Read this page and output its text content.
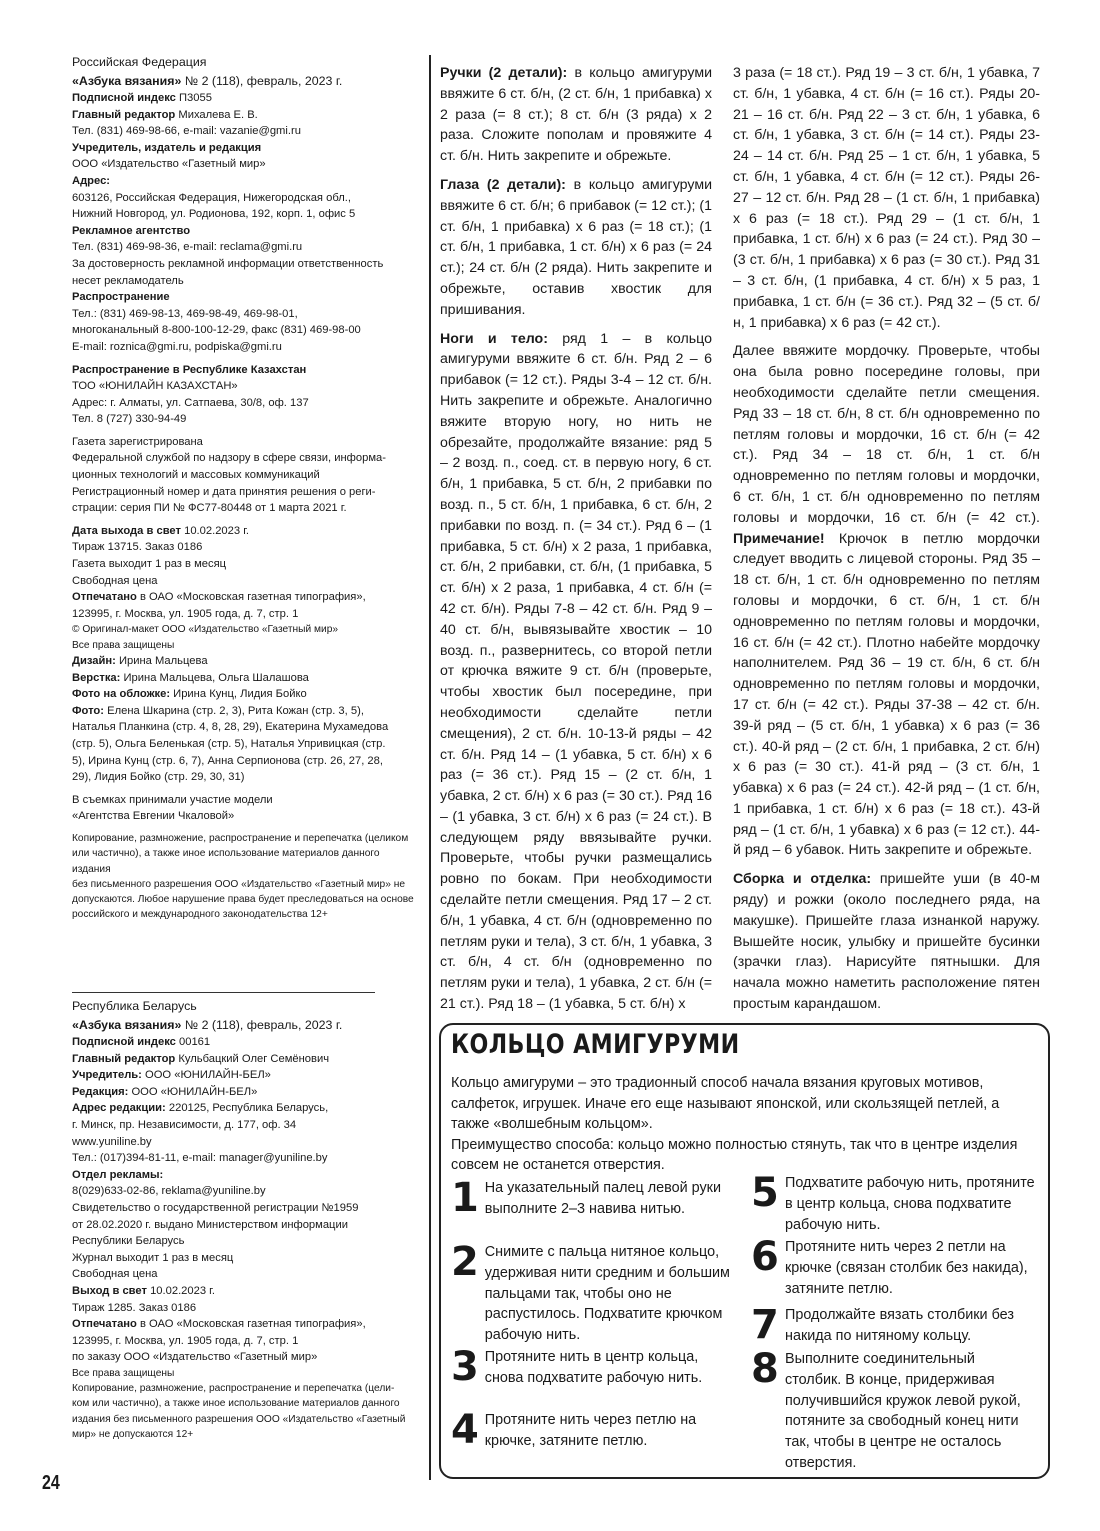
Российская Федерация

«Азбука вязания» № 2 (118), февраль, 2023 г.

Подписной индекс П3055

Главный редактор Михалева Е. В.

Тел. (831) 469-98-66, e-mail: vazanie@gmi.ru

Учредитель, издатель и редакция

ООО «Издательство «Газетный мир»

Адрес:

603126, Российская Федерация, Нижегородская обл.,

Нижний Новгород, ул. Родионова, 192, корп. 1, офис 5

Рекламное агентство

Тел. (831) 469-98-36, e-mail: reclama@gmi.ru

За достоверность рекламной информации ответственность

несет рекламодатель

Распространение

Тел.: (831) 469-98-13, 469-98-49, 469-98-01,

многоканальный 8-800-100-12-29, факс (831) 469-98-00

E-mail: roznica@gmi.ru, podpiska@gmi.ru

Распространение в Республике Казахстан

ТОО «ЮНИЛАЙН КАЗАХСТАН»

Адрес: г. Алматы, ул. Сатпаева, 30/8, оф. 137

Тел. 8 (727) 330-94-49

Газета зарегистрирована

Федеральной службой по надзору в сфере связи, информа-

ционных технологий и массовых коммуникаций

Регистрационный номер и дата принятия решения о реги-

страции: серия ПИ № ФС77-80448 от 1 марта 2021 г.

Дата выхода в свет 10.02.2023 г.

Тираж 13715. Заказ 0186

Газета выходит 1 раз в месяц

Свободная цена

Отпечатано в ОАО «Московская газетная типография»,

123995, г. Москва, ул. 1905 года, д. 7, стр. 1

© Оригинал-макет ООО «Издательство «Газетный мир»

Все права защищены

Дизайн: Ирина Мальцева

Верстка: Ирина Мальцева, Ольга Шалашова

Фото на обложке: Ирина Кунц, Лидия Бойко

Фото: Елена Шкарина (стр. 2, 3), Рита Кожан (стр. 3, 5),

Наталья Планкина (стр. 4, 8, 28, 29), Екатерина Мухамедова

(стр. 5), Ольга Беленькая (стр. 5), Наталья Упривицкая (стр.

5), Ирина Кунц (стр. 6, 7), Анна Серпионова (стр. 26, 27, 28,

29), Лидия Бойко (стр. 29, 30, 31)

В съемках принимали участие модели

«Агентства Евгении Чкаловой»

Копирование, размножение, распространение и перепечатка (целиком

или частично), а также иное использование материалов данного издания

без письменного разрешения ООО «Издательство «Газетный мир» не

допускаются. Любое нарушение права будет преследоваться на основе

российского и международного законодательства 12+

Республика Беларусь

«Азбука вязания» № 2 (118), февраль, 2023 г.

Подписной индекс 00161

Главный редактор Кульбацкий Олег Семёнович

Учредитель: ООО «ЮНИЛАЙН-БЕЛ»

Редакция: ООО «ЮНИЛАЙН-БЕЛ»

Адрес редакции: 220125, Республика Беларусь,

г. Минск, пр. Независимости, д. 177, оф. 34

www.yuniline.by

Тел.: (017)394-81-11, e-mail: manager@yuniline.by

Отдел рекламы:

8(029)633-02-86, reklama@yuniline.by

Свидетельство о государственной регистрации №1959

от 28.02.2020 г. выдано Министерством информации

Республики Беларусь

Журнал выходит 1 раз в месяц

Свободная цена

Выход в свет 10.02.2023 г.

Тираж 1285. Заказ 0186

Отпечатано в ОАО «Московская газетная типография»,

123995, г. Москва, ул. 1905 года, д. 7, стр. 1

по заказу ООО «Издательство «Газетный мир»

Все права защищены

Копирование, размножение, распространение и перепечатка (цели-

ком или частично), а также иное использование материалов данного

издания без письменного разрешения ООО «Издательство «Газетный

мир» не допускаются 12+

Ручки (2 детали): в кольцо амигуруми ввяжите 6 ст. б/н, (2 ст. б/н, 1 прибавка) х 2 раза (= 8 ст.); 8 ст. б/н (3 ряда) х 2 раза. Сложите пополам и провяжите 4 ст. б/н. Нить закрепите и обрежьте.

Глаза (2 детали): в кольцо амигуруми ввяжите 6 ст. б/н; 6 прибавок (= 12 ст.); (1 ст. б/н, 1 прибавка) х 6 раз (= 18 ст.); (1 ст. б/н, 1 прибавка, 1 ст. б/н) х 6 раз (= 24 ст.); 24 ст. б/н (2 ряда). Нить закрепите и обрежьте, оставив хвостик для пришивания.

Ноги и тело: ряд 1 – в кольцо амигуруми ввяжите 6 ст. б/н. Ряд 2 – 6 прибавок (= 12 ст.). Ряды 3-4 – 12 ст. б/н. Нить закрепите и обрежьте. Аналогично вяжите вторую ногу, но нить не обрезайте, продолжайте вязание: ряд 5 – 2 возд. п., соед. ст. в первую ногу, 6 ст. б/н, 1 прибавка, 5 ст. б/н, 2 прибавки по возд. п., 5 ст. б/н, 1 прибавка, 6 ст. б/н, 2 прибавки по возд. п. (= 34 ст.). Ряд 6 – (1 прибавка, 5 ст. б/н) х 2 раза, 1 прибавка, ст. б/н, 2 прибавки, ст. б/н, (1 прибавка, 5 ст. б/н) х 2 раза, 1 прибавка, 4 ст. б/н (= 42 ст. б/н). Ряды 7-8 – 42 ст. б/н. Ряд 9 – 40 ст. б/н, вывязывайте хвостик – 10 возд. п., развернитесь, со второй петли от крючка вяжите 9 ст. б/н (проверьте, чтобы хвостик был посередине, при необходимости сделайте петли смещения), 2 ст. б/н. 10-13-й ряды – 42 ст. б/н. Ряд 14 – (1 убавка, 5 ст. б/н) х 6 раз (= 36 ст.). Ряд 15 – (2 ст. б/н, 1 убавка, 2 ст. б/н) х 6 раз (= 30 ст.). Ряд 16 – (1 убавка, 3 ст. б/н) х 6 раз (= 24 ст.). В следующем ряду ввязывайте ручки. Проверьте, чтобы ручки размещались ровно по бокам. При необходимости сделайте петли смещения. Ряд 17 – 2 ст. б/н, 1 убавка, 4 ст. б/н (одновременно по петлям руки и тела), 3 ст. б/н, 1 убавка, 3 ст. б/н, 4 ст. б/н (одновременно по петлям руки и тела), 1 убавка, 2 ст. б/н (= 21 ст.). Ряд 18 – (1 убавка, 5 ст. б/н) х

3 раза (= 18 ст.). Ряд 19 – 3 ст. б/н, 1 убавка, 7 ст. б/н, 1 убавка, 4 ст. б/н (= 16 ст.). Ряды 20-21 – 16 ст. б/н. Ряд 22 – 3 ст. б/н, 1 убавка, 6 ст. б/н, 1 убавка, 3 ст. б/н (= 14 ст.). Ряды 23-24 – 14 ст. б/н. Ряд 25 – 1 ст. б/н, 1 убавка, 5 ст. б/н, 1 убавка, 4 ст. б/н (= 12 ст.). Ряды 26-27 – 12 ст. б/н. Ряд 28 – (1 ст. б/н, 1 прибавка) х 6 раз (= 18 ст.). Ряд 29 – (1 ст. б/н, 1 прибавка, 1 ст. б/н) х 6 раз (= 24 ст.). Ряд 30 – (3 ст. б/н, 1 прибавка) х 6 раз (= 30 ст.). Ряд 31 – 3 ст. б/н, (1 прибавка, 4 ст. б/н) х 5 раз, 1 прибавка, 1 ст. б/н (= 36 ст.). Ряд 32 – (5 ст. б/н, 1 прибавка) х 6 раз (= 42 ст.).

Далее ввяжите мордочку. Проверьте, чтобы она была ровно посередине головы, при необходимости сделайте петли смещения. Ряд 33 – 18 ст. б/н, 8 ст. б/н одновременно по петлям головы и мордочки, 16 ст. б/н (= 42 ст.). Ряд 34 – 18 ст. б/н, 1 ст. б/н одновременно по петлям головы и мордочки, 6 ст. б/н, 1 ст. б/н одновременно по петлям головы и мордочки, 16 ст. б/н (= 42 ст.). Примечание! Крючок в петлю мордочки следует вводить с лицевой стороны. Ряд 35 – 18 ст. б/н, 1 ст. б/н одновременно по петлям головы и мордочки, 6 ст. б/н, 1 ст. б/н одновременно по петлям головы и мордочки, 16 ст. б/н (= 42 ст.). Плотно набейте мордочку наполнителем. Ряд 36 – 19 ст. б/н, 6 ст. б/н одновременно по петлям головы и мордочки, 17 ст. б/н (= 42 ст.). Ряды 37-38 – 42 ст. б/н. 39-й ряд – (5 ст. б/н, 1 убавка) х 6 раз (= 36 ст.). 40-й ряд – (2 ст. б/н, 1 прибавка, 2 ст. б/н) х 6 раз (= 30 ст.). 41-й ряд – (3 ст. б/н, 1 убавка) х 6 раз (= 24 ст.). 42-й ряд – (1 ст. б/н, 1 прибавка, 1 ст. б/н) х 6 раз (= 18 ст.). 43-й ряд – (1 ст. б/н, 1 убавка) х 6 раз (= 12 ст.). 44-й ряд – 6 убавок. Нить закрепите и обрежьте.

Сборка и отделка: пришейте уши (в 40-м ряду) и рожки (около последнего ряда, на макушке). Пришейте глаза изнанкой наружу. Вышейте носик, улыбку и пришейте бусинки (зрачки глаз). Нарисуйте пятнышки. Для начала можно наметить расположение пятен простым карандашом.

КОЛЬЦО АМИГУРУМИ

Кольцо амигуруми – это традионный способ начала вязания круговых мотивов, салфеток, игрушек. Иначе его еще называют японской, или скользящей петлей, а также «волшебным кольцом».

Преимущество способа: кольцо можно полностью стянуть, так что в центре изделия совсем не останется отверстия.

1 На указательный палец левой руки выполните 2–3 навива нитью.
2 Снимите с пальца нитяное кольцо, удерживая нити средним и большим пальцами так, чтобы оно не распустилось. Подхватите крючком рабочую нить.
3 Протяните нить в центр кольца, снова подхватите рабочую нить.
4 Протяните нить через петлю на крючке, затяните петлю.
5 Подхватите рабочую нить, протяните в центр кольца, снова подхватите рабочую нить.
6 Протяните нить через 2 петли на крючке (связан столбик без накида), затяните петлю.
7 Продолжайте вязать столбики без накида по нитяному кольцу.
8 Выполните соединительный столбик. В конце, придерживая получившийся кружок левой рукой, потяните за свободный конец нити так, чтобы в центре не осталось отверстия.
24
